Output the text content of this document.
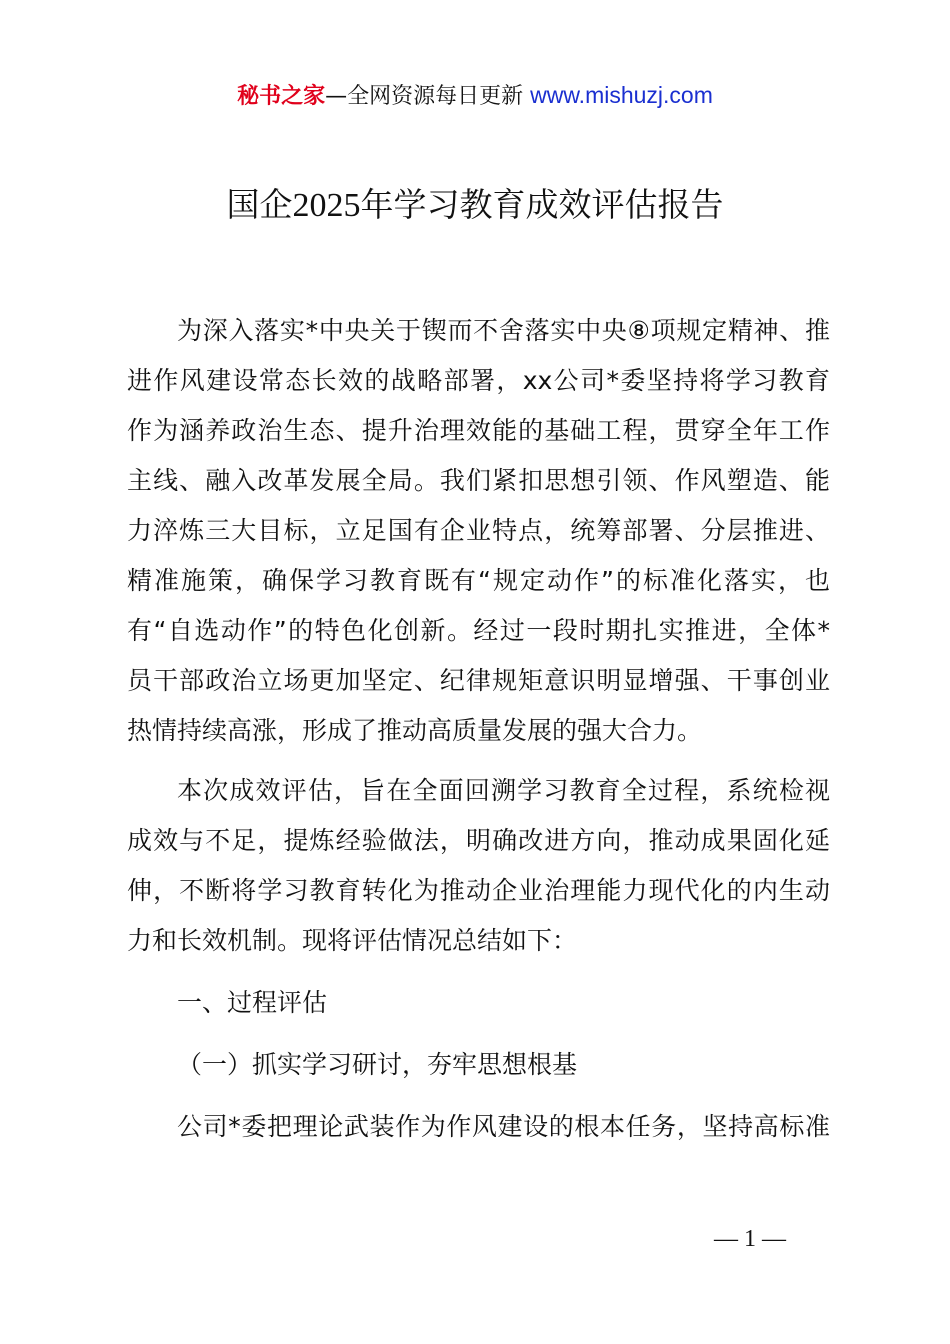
秘书之家—全网资源每日更新 www.mishuzj.com
国企2025年学习教育成效评估报告
为深入落实*中央关于锲而不舍落实中央⑧项规定精神、推
进作风建设常态长效的战略部署，xx公司*委坚持将学习教育
作为涵养政治生态、提升治理效能的基础工程，贯穿全年工作
主线、融入改革发展全局。我们紧扣思想引领、作风塑造、能
力淬炼三大目标，立足国有企业特点，统筹部署、分层推进、
精准施策，确保学习教育既有“规定动作”的标准化落实，也
有“自选动作”的特色化创新。经过一段时期扎实推进，全体*
员干部政治立场更加坚定、纪律规矩意识明显增强、干事创业
热情持续高涨，形成了推动高质量发展的强大合力。
本次成效评估，旨在全面回溯学习教育全过程，系统检视
成效与不足，提炼经验做法，明确改进方向，推动成果固化延
伸，不断将学习教育转化为推动企业治理能力现代化的内生动
力和长效机制。现将评估情况总结如下：
一、过程评估
（一）抓实学习研讨，夯牢思想根基
公司*委把理论武装作为作风建设的根本任务，坚持高标准
— 1 —
